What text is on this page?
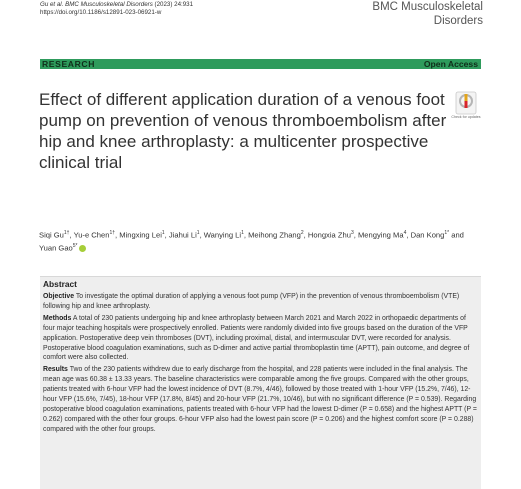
Gu et al. BMC Musculoskeletal Disorders (2023) 24:931
https://doi.org/10.1186/s12891-023-06921-w	BMC Musculoskeletal
Disorders
RESEARCH	Open Access
Effect of different application duration of a venous foot pump on prevention of venous thromboembolism after hip and knee arthroplasty: a multicenter prospective clinical trial
Check for updates
Siqi $Gu^{1\dagger}$, Yu-e Chen$^{1\dagger}$, Mingxing Lei$^1$, Jiahui Li$^1$, Wanying Li$^1$, Meihong Zhang$^2$, Hongxia Zhu$^3$, Mengying Ma$^4$, Dan Kong$^{1*}$ and Yuan Gao$^{5*}$
Abstract

Objective To investigate the optimal duration of applying a venous foot pump (VFP) in the prevention of venous thromboembolism (VTE) following hip and knee arthroplasty.

Methods A total of 230 patients undergoing hip and knee arthroplasty between March 2021 and March 2022 in orthopaedic departments of four major teaching hospitals were prospectively enrolled. Patients were randomly divided into five groups based on the duration of the VFP application. Postoperative deep vein thromboses (DVT), including proximal, distal, and intermuscular DVT, were recorded for analysis. Postoperative blood coagulation examinations, such as D-dimer and active partial thromboplastin time (APTT), pain outcome, and degree of comfort were also collected.

Results Two of the 230 patients withdrew due to early discharge from the hospital, and 228 patients were included in the final analysis. The mean age was 60.38 ± 13.33 years. The baseline characteristics were comparable among the five groups. Compared with the other groups, patients treated with 6-hour VFP had the lowest incidence of DVT (8.7%, 4/46), followed by those treated with 1-hour VFP (15.2%, 7/46), 12-hour VFP (15.6%, 7/45), 18-hour VFP (17.8%, 8/45) and 20-hour VFP (21.7%, 10/46), but with no significant difference (P = 0.539). Regarding postoperative blood coagulation examinations, patients treated with 6-hour VFP had the lowest D-dimer (P = 0.658) and the highest APTT (P = 0.262) compared with the other four groups. 6-hour VFP also had the lowest pain score (P = 0.206) and the highest comfort score (P = 0.288) compared with the other four groups.
